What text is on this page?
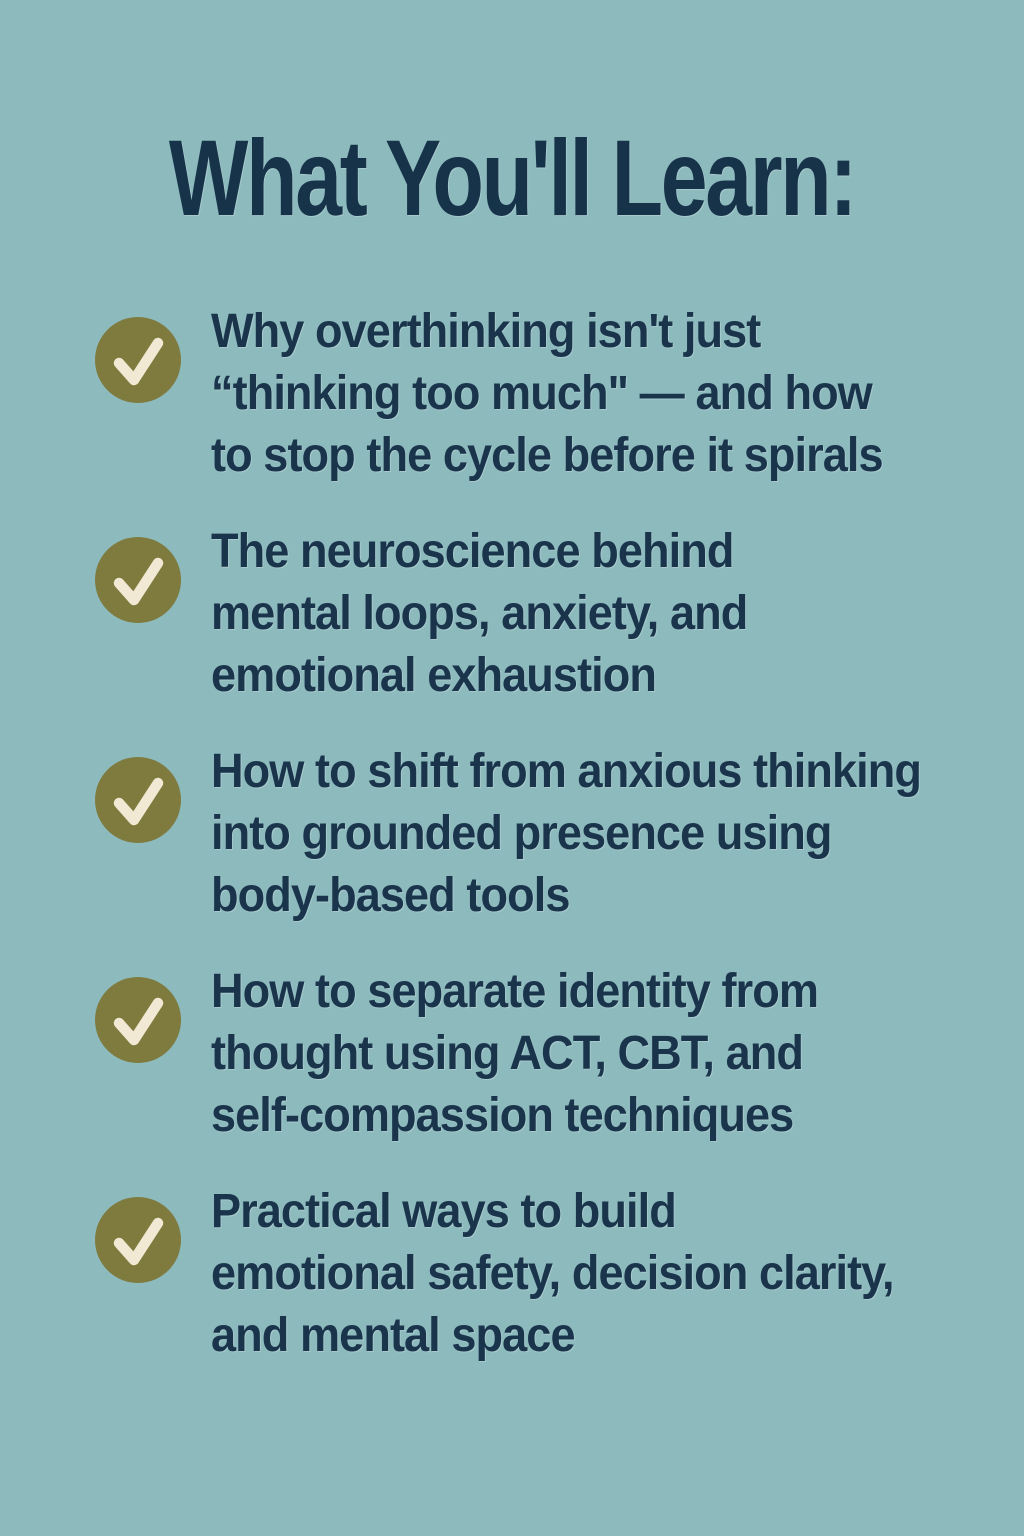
What You'll Learn:
Why overthinking isn't just
“thinking too much" — and how
to stop the cycle before it spirals
The neuroscience behind
mental loops, anxiety, and
emotional exhaustion
How to shift from anxious thinking
into grounded presence using
body-based tools
How to separate identity from
thought using ACT, CBT, and
self-compassion techniques
Practical ways to build
emotional safety, decision clarity,
and mental space
